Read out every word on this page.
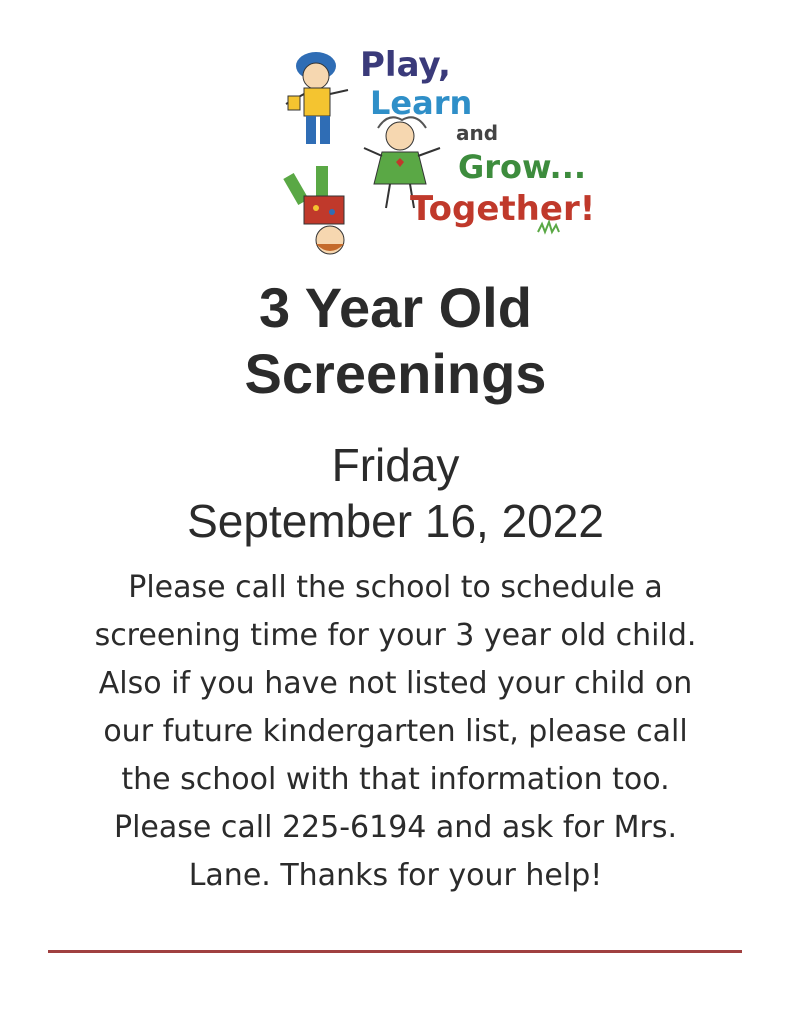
Play,
Learn
and
Grow...
Together!
3 Year Old
Screenings

Friday

September 16, 2022

Please call the school to schedule a
screening time for your 3 year old child.
Also if you have not listed your child on
our future kindergarten list, please call
the school with that information too.
Please call 225-6194 and ask for Mrs.
Lane. Thanks for your help!
